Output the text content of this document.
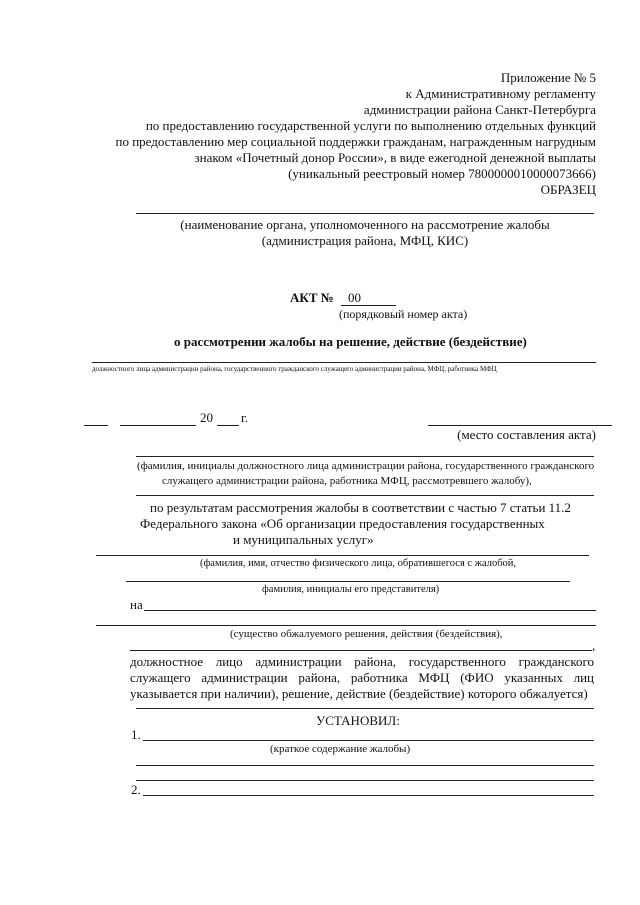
Приложение № 5
к Административному регламенту
администрации района Санкт-Петербурга
по предоставлению государственной услуги по выполнению отдельных функций
по предоставлению мер социальной поддержки гражданам, награжденным нагрудным
знаком «Почетный донор России», в виде ежегодной денежной выплаты
(уникальный реестровый номер 7800000010000073666)
ОБРАЗЕЦ
(наименование органа, уполномоченного на рассмотрение жалобы
(администрация района, МФЦ, КИС)
АКТ № 00
(порядковый номер акта)
о рассмотрении жалобы на решение, действие (бездействие)
должностного лица администрации района, государственного гражданского служащего администрации района, МФЦ, работника МФЦ
20 г.
(место составления акта)
(фамилия, инициалы должностного лица администрации района, государственного гражданского
служащего администрации района, работника МФЦ, рассмотревшего жалобу),
по результатам рассмотрения жалобы в соответствии с частью 7 статьи 11.2
Федерального закона «Об организации предоставления государственных
и муниципальных услуг»
(фамилия, имя, отчество физического лица, обратившегося с жалобой,
фамилия, инициалы его представителя)
на
(существо обжалуемого решения, действия (бездействия),
,
должностное лицо администрации района, государственного гражданского служащего администрации района, работника МФЦ (ФИО указанных лиц указывается при наличии), решение, действие (бездействие) которого обжалуется)
УСТАНОВИЛ:
1.
(краткое содержание жалобы)
2.
